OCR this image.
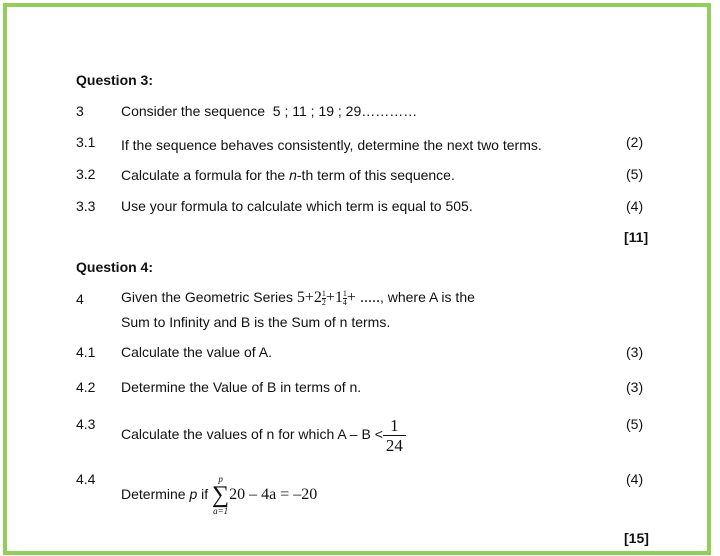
Question 3:
3	Consider the sequence 5 ; 11 ; 19 ; 29…………
3.1 If the sequence behaves consistently, determine the next two terms.	(2)
3.2 Calculate a formula for the n-th term of this sequence.	(5)
3.3 Use your formula to calculate which term is equal to 505.	(4)
[11]
Question 4:
4	Given the Geometric Series $5+2 \frac{1}{2} +1 \frac{1}{4}$ + ....., where A is the
Sum to Infinity and B is the Sum of n terms.
4.1 Calculate the value of A.	(3)
4.2 Determine the Value of B in terms of n.	(3)
4.3
Calculate the values of n for which $A - B < \frac{1}{24}$	(5)
4.4
Determine p if
p
∑
a=1
20 – 4a = –20
(4)
[15]
